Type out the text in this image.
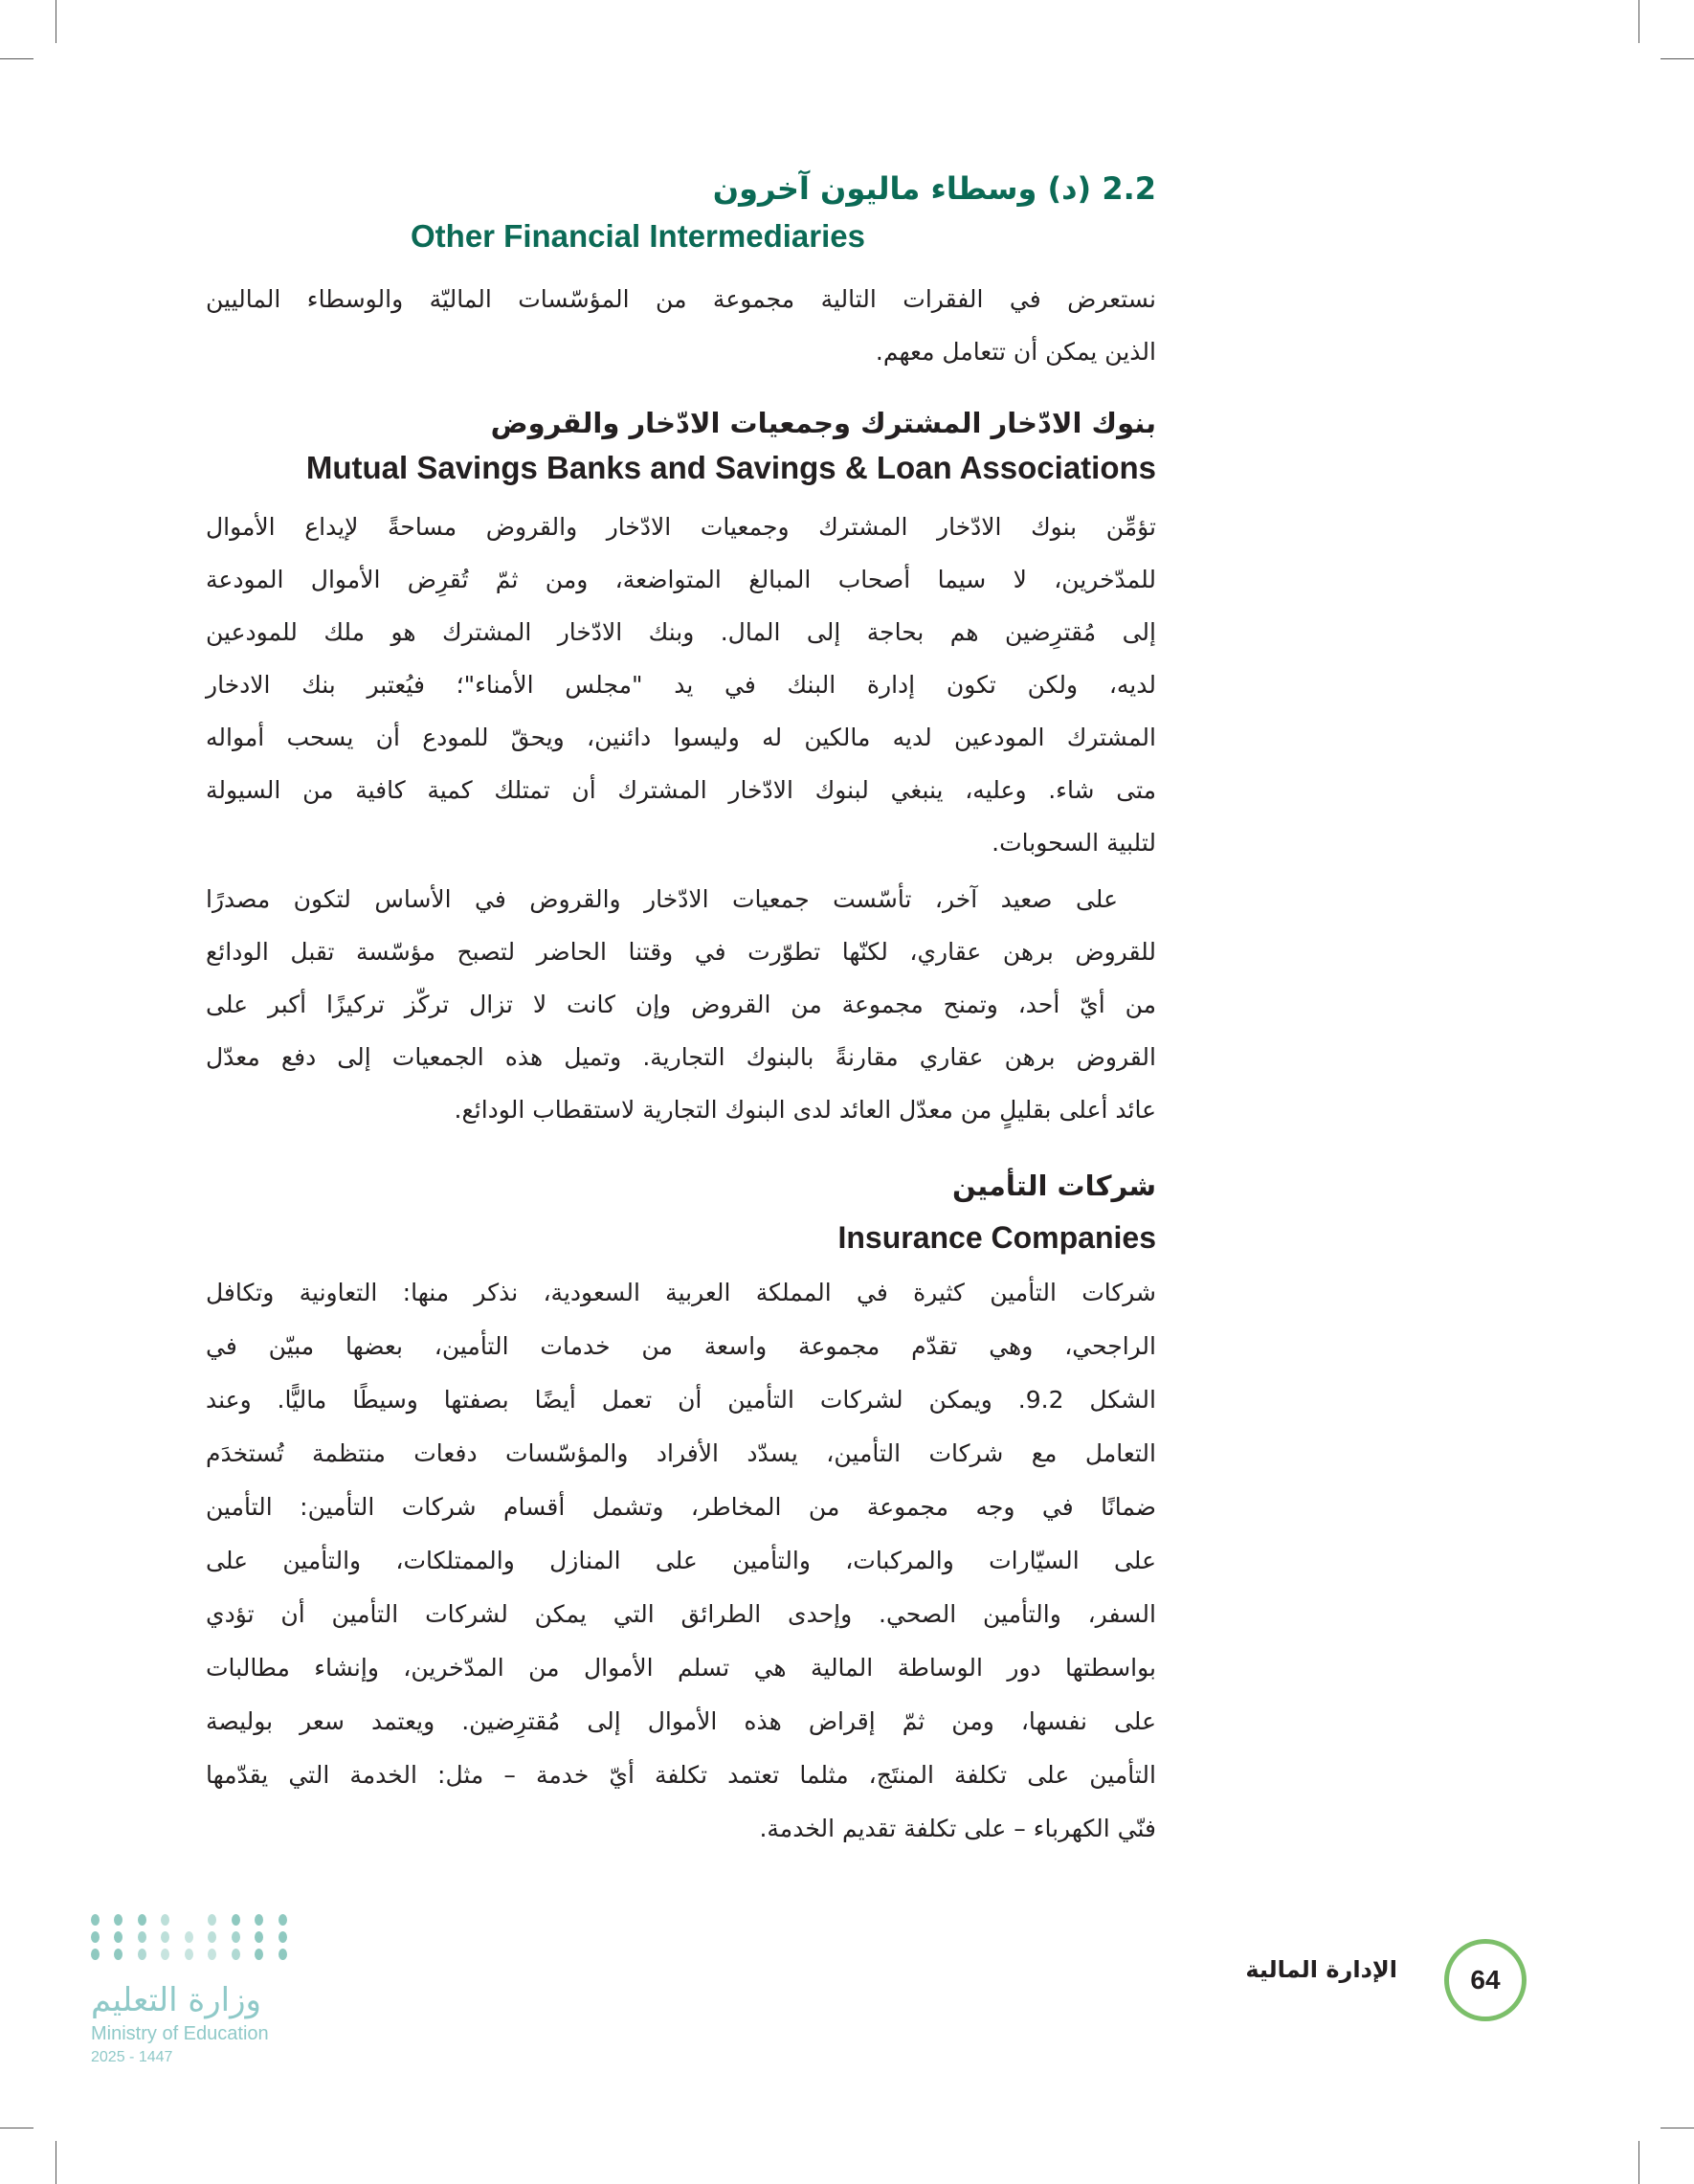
2.2 (د) وسطاء ماليون آخرون
Other Financial Intermediaries
نستعرض في الفقرات التالية مجموعة من المؤسّسات الماليّة والوسطاء الماليين
الذين يمكن أن تتعامل معهم.
بنوك الادّخار المشترك وجمعيات الادّخار والقروض
Mutual Savings Banks and Savings & Loan Associations
تؤمِّن بنوك الادّخار المشترك وجمعيات الادّخار والقروض مساحةً لإيداع الأموال
للمدّخرين، لا سيما أصحاب المبالغ المتواضعة، ومن ثمّ تُقرِض الأموال المودعة
إلى مُقترِضين هم بحاجة إلى المال. وبنك الادّخار المشترك هو ملك للمودعين
لديه، ولكن تكون إدارة البنك في يد "مجلس الأمناء"؛ فيُعتبر بنك الادخار
المشترك المودعين لديه مالكين له وليسوا دائنين، ويحقّ للمودع أن يسحب أمواله
متى شاء. وعليه، ينبغي لبنوك الادّخار المشترك أن تمتلك كمية كافية من السيولة
لتلبية السحوبات.
على صعيد آخر، تأسّست جمعيات الادّخار والقروض في الأساس لتكون مصدرًا
للقروض برهن عقاري، لكنّها تطوّرت في وقتنا الحاضر لتصبح مؤسّسة تقبل الودائع
من أيّ أحد، وتمنح مجموعة من القروض وإن كانت لا تزال تركّز تركيزًا أكبر على
القروض برهن عقاري مقارنةً بالبنوك التجارية. وتميل هذه الجمعيات إلى دفع معدّل
عائد أعلى بقليلٍ من معدّل العائد لدى البنوك التجارية لاستقطاب الودائع.
شركات التأمين
Insurance Companies
شركات التأمين كثيرة في المملكة العربية السعودية، نذكر منها: التعاونية وتكافل
الراجحي، وهي تقدّم مجموعة واسعة من خدمات التأمين، بعضها مبيّن في
الشكل 9.2. ويمكن لشركات التأمين أن تعمل أيضًا بصفتها وسيطًا ماليًّا. وعند
التعامل مع شركات التأمين، يسدّد الأفراد والمؤسّسات دفعات منتظمة تُستخدَم
ضمانًا في وجه مجموعة من المخاطر، وتشمل أقسام شركات التأمين: التأمين
على السيّارات والمركبات، والتأمين على المنازل والممتلكات، والتأمين على
السفر، والتأمين الصحي. وإحدى الطرائق التي يمكن لشركات التأمين أن تؤدي
بواسطتها دور الوساطة المالية هي تسلم الأموال من المدّخرين، وإنشاء مطالبات
على نفسها، ومن ثمّ إقراض هذه الأموال إلى مُقترِضين. ويعتمد سعر بوليصة
التأمين على تكلفة المنتَج، مثلما تعتمد تكلفة أيّ خدمة – مثل: الخدمة التي يقدّمها
فنّي الكهرباء – على تكلفة تقديم الخدمة.
الإدارة المالية	64
وزارة التعليم
Ministry of Education
2025 - 1447
